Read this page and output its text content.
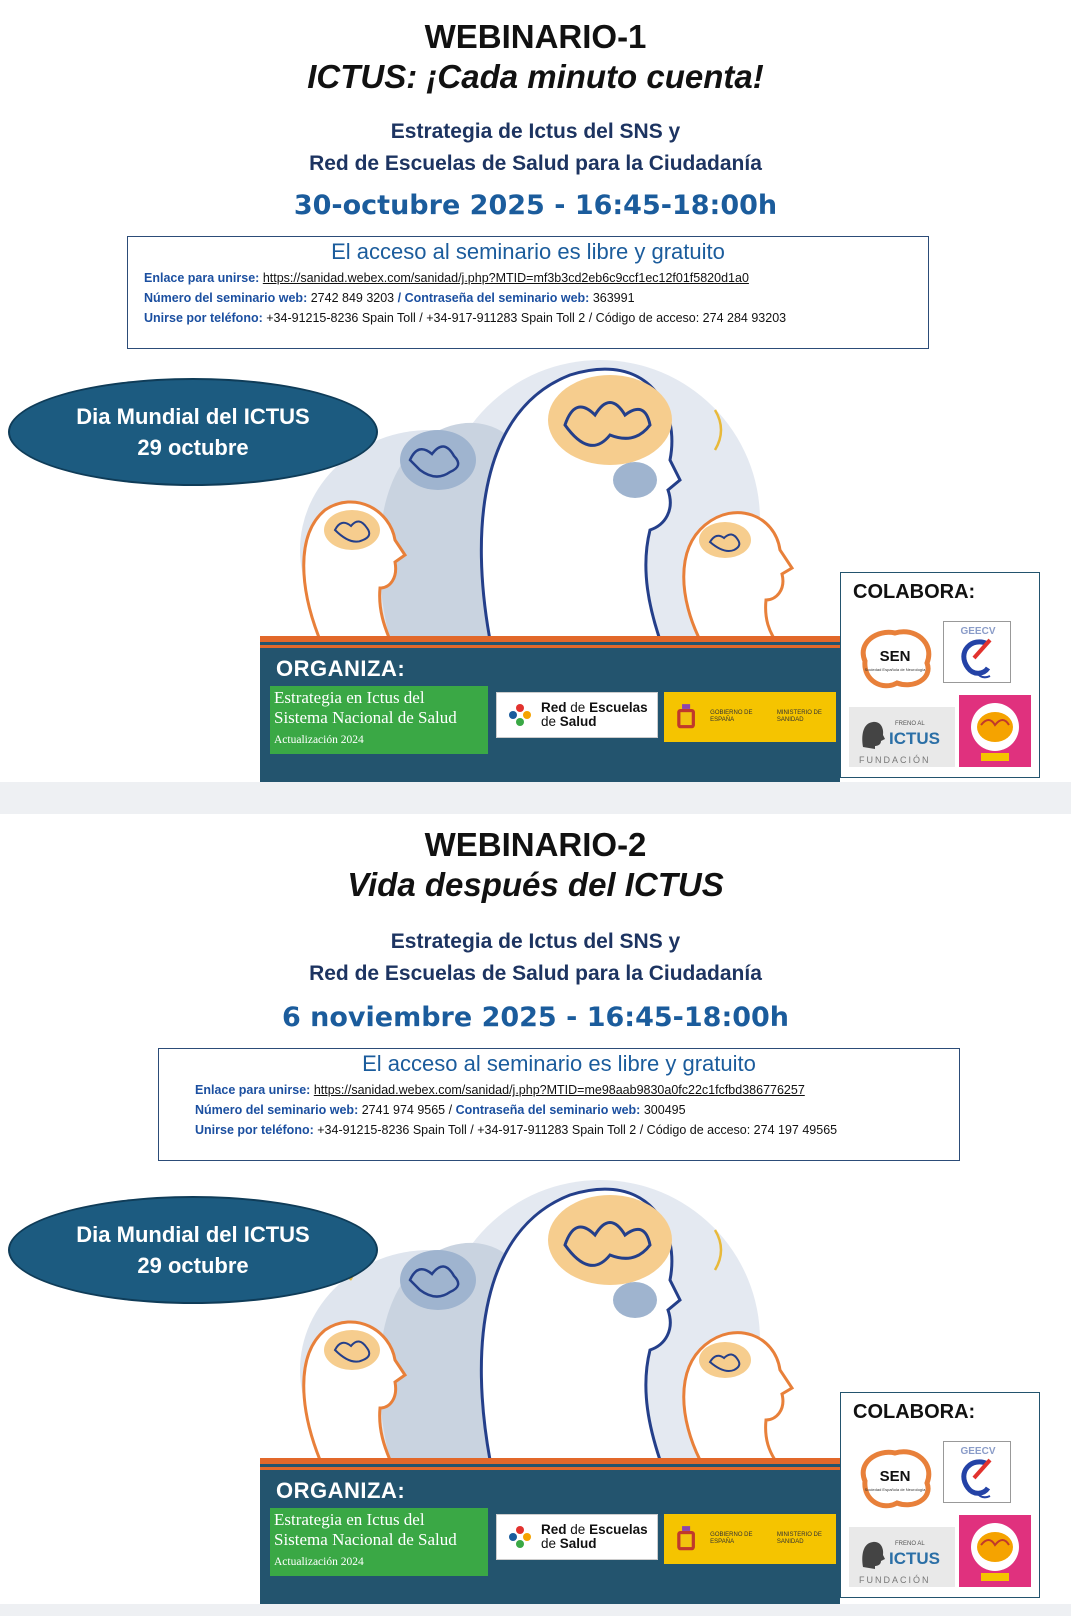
WEBINARIO-1
ICTUS: ¡Cada minuto cuenta!
Estrategia de Ictus del SNS y
Red de Escuelas de Salud para la Ciudadanía
30-octubre 2025 - 16:45-18:00h
El acceso al seminario es libre y gratuito
Enlace para unirse: https://sanidad.webex.com/sanidad/j.php?MTID=mf3b3cd2eb6c9ccf1ec12f01f5820d1a0
Número del seminario web: 2742 849 3203 / Contraseña del seminario web: 363991
Unirse por teléfono: +34-91215-8236 Spain Toll / +34-917-911283 Spain Toll 2 / Código de acceso: 274 284 93203
Dia Mundial del ICTUS
29 octubre
ORGANIZA:
Estrategia en Ictus del
Sistema Nacional de Salud
Actualización 2024
Red de Escuelas
de Salud
GOBIERNO DE ESPAÑA
MINISTERIO DE SANIDAD
COLABORA:
SEN
Sociedad Española de Neurología
GEECV
FRENO AL
ICTUS
FUNDACIÓN
WEBINARIO-2
Vida después del ICTUS
Estrategia de Ictus del SNS y
Red de Escuelas de Salud para la Ciudadanía
6 noviembre 2025 - 16:45-18:00h
El acceso al seminario es libre y gratuito
Enlace para unirse: https://sanidad.webex.com/sanidad/j.php?MTID=me98aab9830a0fc22c1fcfbd386776257
Número del seminario web: 2741 974 9565 / Contraseña del seminario web: 300495
Unirse por teléfono: +34-91215-8236 Spain Toll / +34-917-911283 Spain Toll 2 / Código de acceso: 274 197 49565
Dia Mundial del ICTUS
29 octubre
ORGANIZA:
Estrategia en Ictus del
Sistema Nacional de Salud
Actualización 2024
Red de Escuelas
de Salud
GOBIERNO DE ESPAÑA
MINISTERIO DE SANIDAD
COLABORA:
SEN
Sociedad Española de Neurología
GEECV
FRENO AL
ICTUS
FUNDACIÓN
